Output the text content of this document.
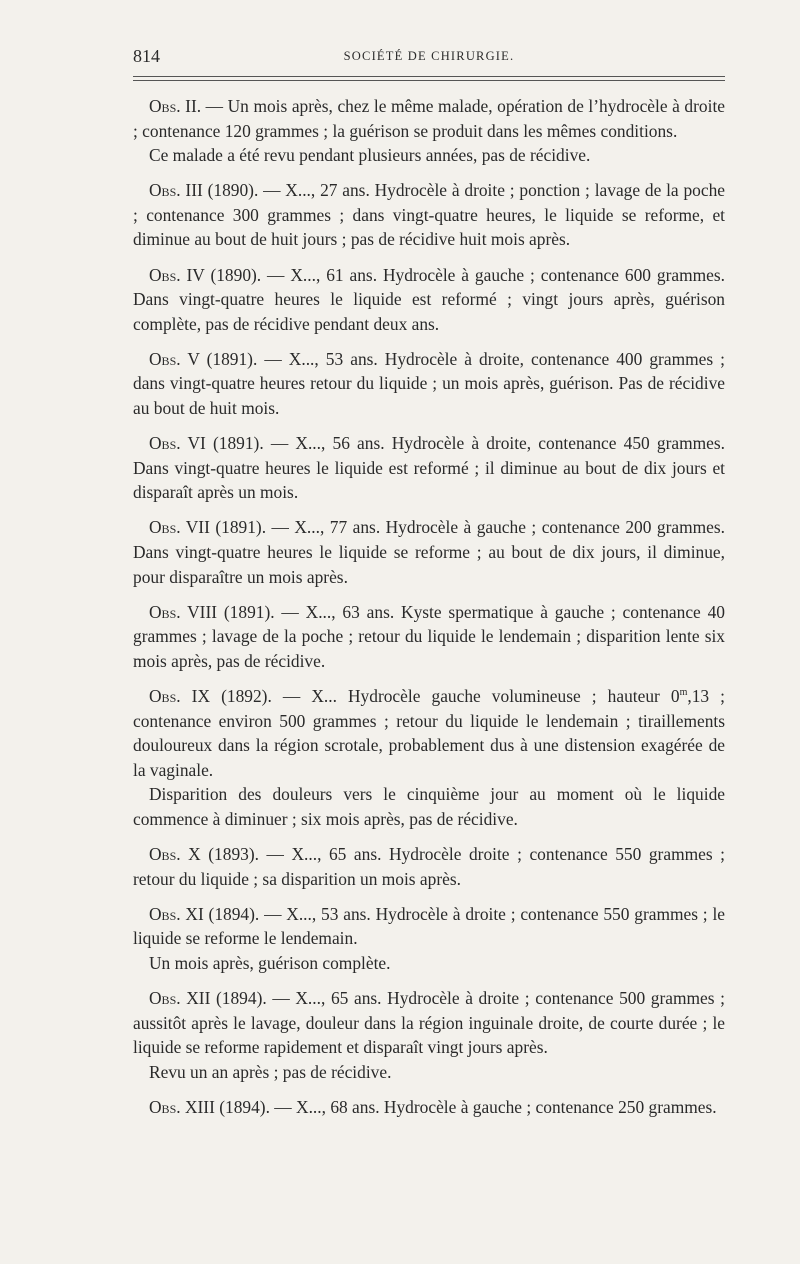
814	SOCIÉTÉ DE CHIRURGIE.

Obs. II. — Un mois après, chez le même malade, opération de l’hydrocèle à droite ; contenance 120 grammes ; la guérison se produit dans les mêmes conditions.

Ce malade a été revu pendant plusieurs années, pas de récidive.

Obs. III (1890). — X..., 27 ans. Hydrocèle à droite ; ponction ; lavage de la poche ; contenance 300 grammes ; dans vingt-quatre heures, le liquide se reforme, et diminue au bout de huit jours ; pas de récidive huit mois après.

Obs. IV (1890). — X..., 61 ans. Hydrocèle à gauche ; contenance 600 grammes. Dans vingt-quatre heures le liquide est reformé ; vingt jours après, guérison complète, pas de récidive pendant deux ans.

Obs. V (1891). — X..., 53 ans. Hydrocèle à droite, contenance 400 grammes ; dans vingt-quatre heures retour du liquide ; un mois après, guérison. Pas de récidive au bout de huit mois.

Obs. VI (1891). — X..., 56 ans. Hydrocèle à droite, contenance 450 grammes. Dans vingt-quatre heures le liquide est reformé ; il diminue au bout de dix jours et disparaît après un mois.

Obs. VII (1891). — X..., 77 ans. Hydrocèle à gauche ; contenance 200 grammes. Dans vingt-quatre heures le liquide se reforme ; au bout de dix jours, il diminue, pour disparaître un mois après.

Obs. VIII (1891). — X..., 63 ans. Kyste spermatique à gauche ; contenance 40 grammes ; lavage de la poche ; retour du liquide le lendemain ; disparition lente six mois après, pas de récidive.

Obs. IX (1892). — X... Hydrocèle gauche volumineuse ; hauteur 0$^m$,13 ; contenance environ 500 grammes ; retour du liquide le lendemain ; tiraillements douloureux dans la région scrotale, probablement dus à une distension exagérée de la vaginale.

Disparition des douleurs vers le cinquième jour au moment où le liquide commence à diminuer ; six mois après, pas de récidive.

Obs. X (1893). — X..., 65 ans. Hydrocèle droite ; contenance 550 grammes ; retour du liquide ; sa disparition un mois après.

Obs. XI (1894). — X..., 53 ans. Hydrocèle à droite ; contenance 550 grammes ; le liquide se reforme le lendemain.

Un mois après, guérison complète.

Obs. XII (1894). — X..., 65 ans. Hydrocèle à droite ; contenance 500 grammes ; aussitôt après le lavage, douleur dans la région inguinale droite, de courte durée ; le liquide se reforme rapidement et disparaît vingt jours après.

Revu un an après ; pas de récidive.

Obs. XIII (1894). — X..., 68 ans. Hydrocèle à gauche ; contenance 250 grammes.
